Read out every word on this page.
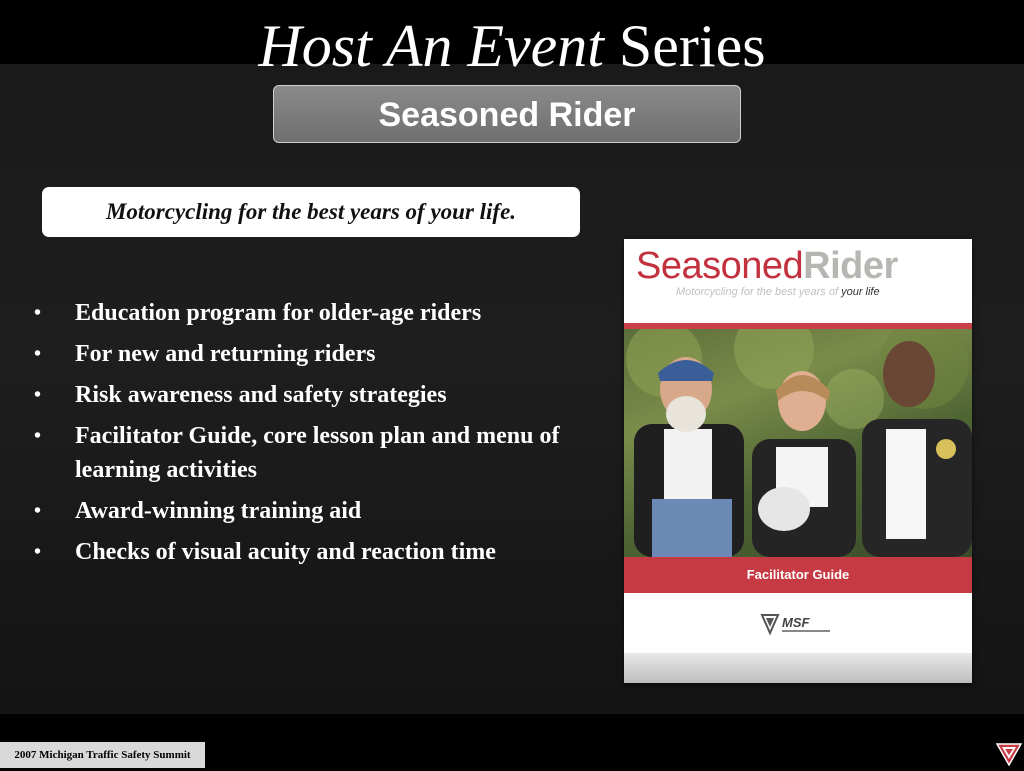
Host An Event Series
Seasoned Rider
Motorcycling for the best years of your life.
• Education program for older-age riders
• For new and returning riders
• Risk awareness and safety strategies
• Facilitator Guide, core lesson plan and menu of learning activities
• Award-winning training aid
• Checks of visual acuity and reaction time
SeasonedRider
Motorcycling for the best years of your life
Facilitator Guide
MSF
2007 Michigan Traffic Safety Summit
